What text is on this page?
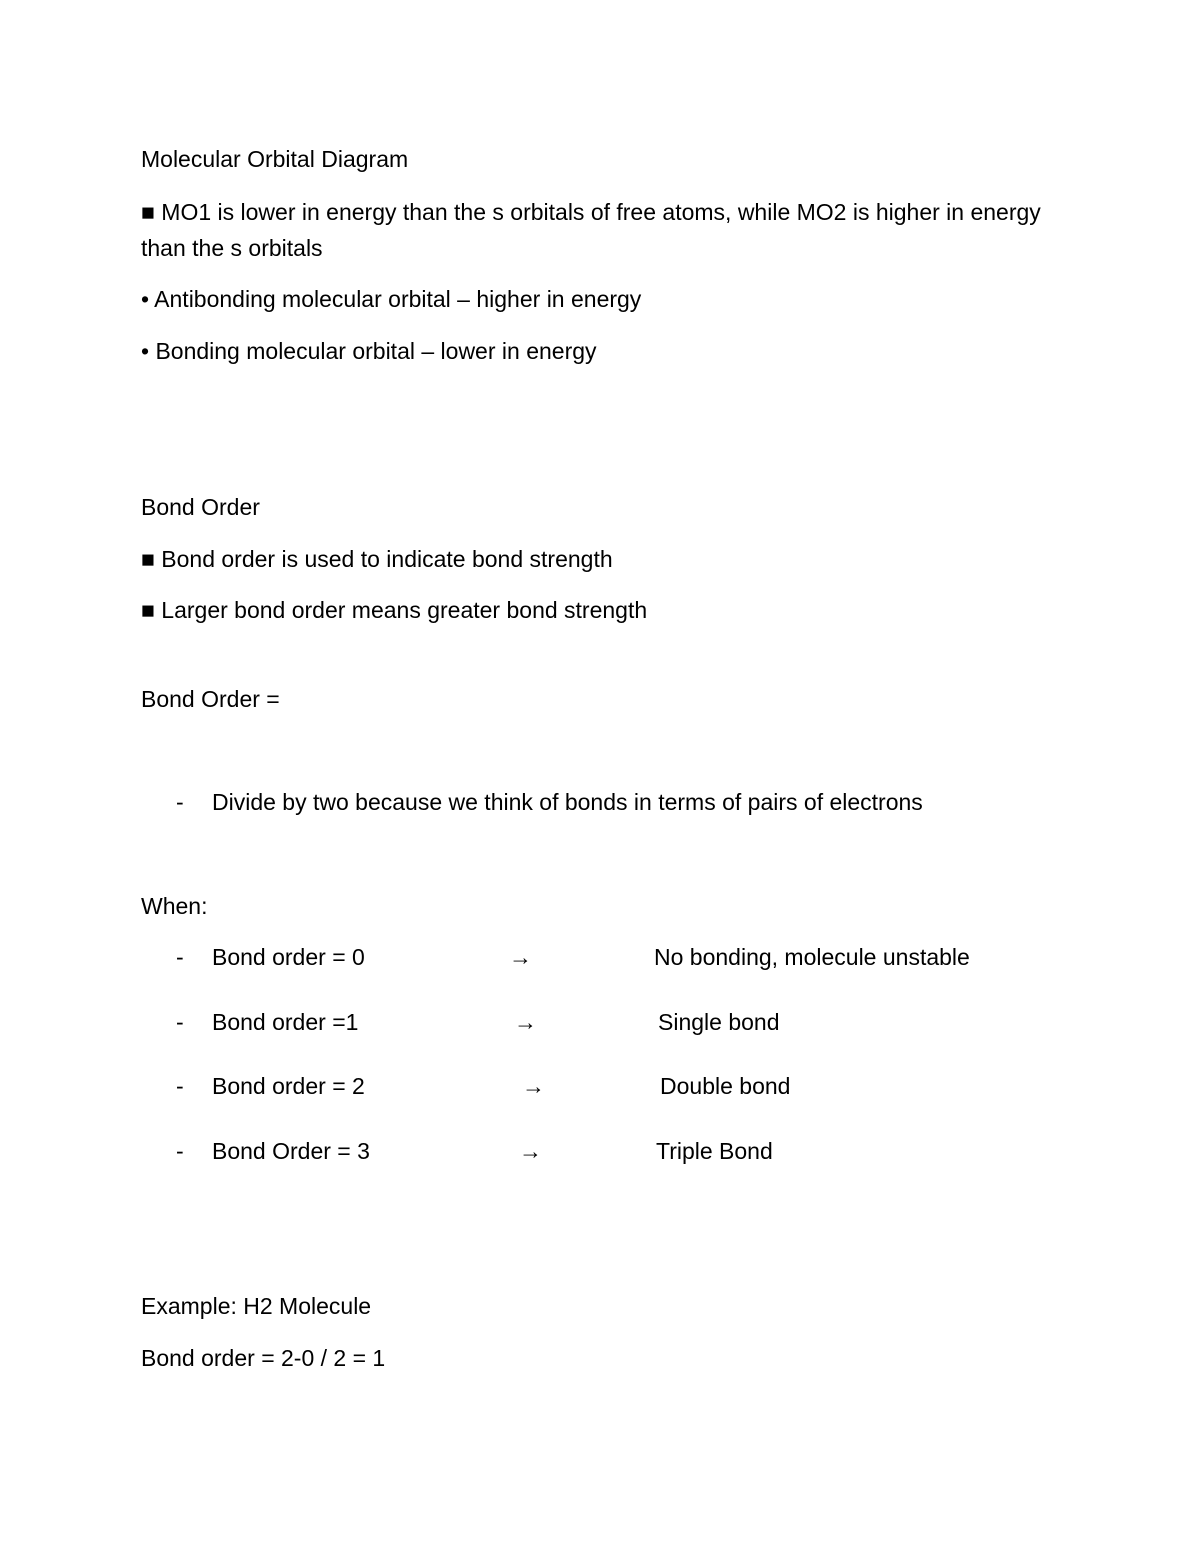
Molecular Orbital Diagram
■ MO1 is lower in energy than the s orbitals of free atoms, while MO2 is higher in energy than the s orbitals
• Antibonding molecular orbital – higher in energy
• Bonding molecular orbital – lower in energy
Bond Order
■ Bond order is used to indicate bond strength
■ Larger bond order means greater bond strength
Bond Order =
- Divide by two because we think of bonds in terms of pairs of electrons
When:
- Bond order = 0	→	No bonding, molecule unstable
- Bond order =1	→	Single bond
- Bond order = 2	→	Double bond
- Bond Order = 3	→	Triple Bond
Example: H2 Molecule
Bond order = 2-0 / 2 = 1
